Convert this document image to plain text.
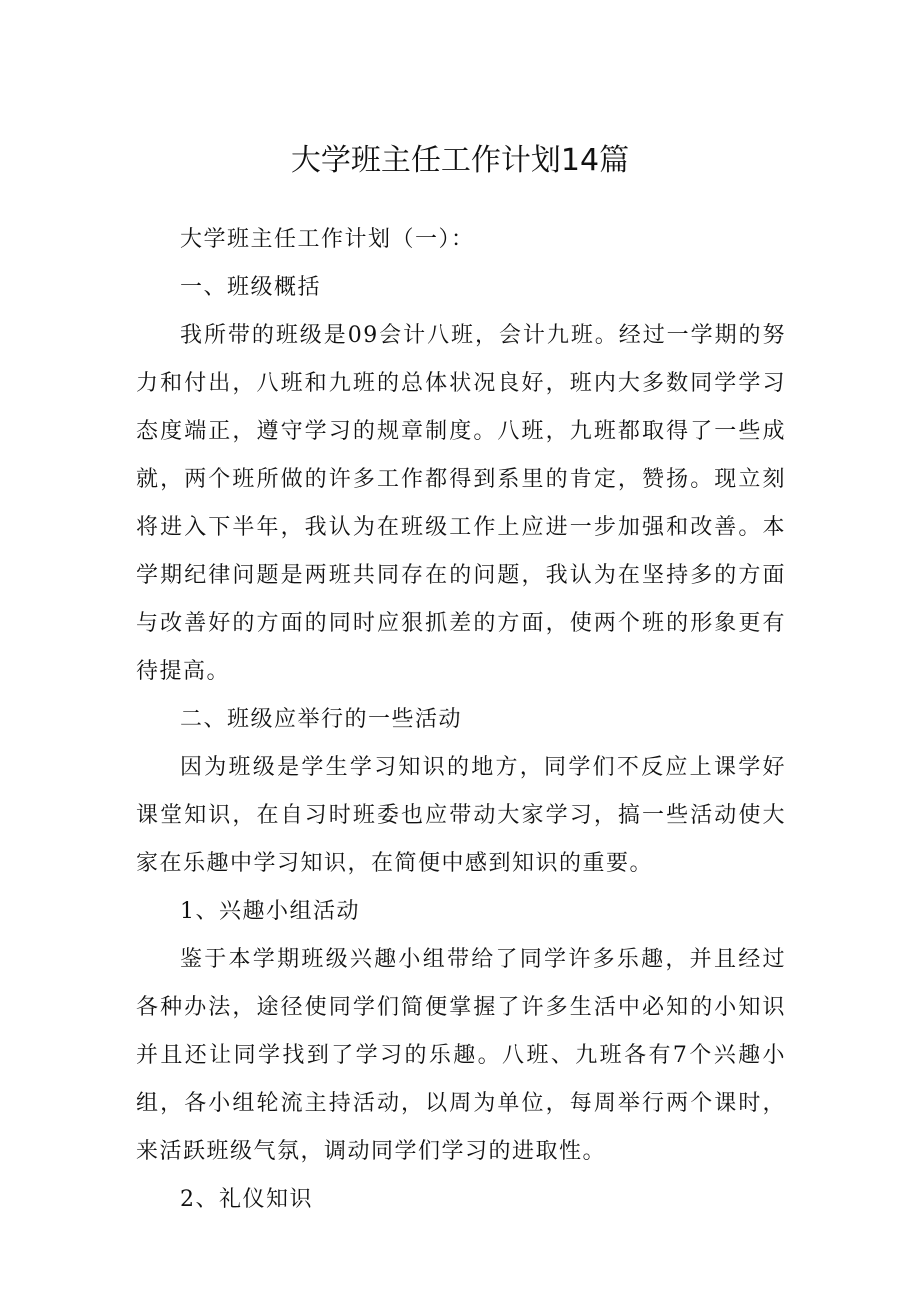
大学班主任工作计划14篇

大学班主任工作计划（一）：

一、班级概括

我所带的班级是09会计八班，会计九班。经过一学期的努力和付出，八班和九班的总体状况良好，班内大多数同学学习态度端正，遵守学习的规章制度。八班，九班都取得了一些成就，两个班所做的许多工作都得到系里的肯定，赞扬。现立刻将进入下半年，我认为在班级工作上应进一步加强和改善。本学期纪律问题是两班共同存在的问题，我认为在坚持多的方面与改善好的方面的同时应狠抓差的方面，使两个班的形象更有待提高。

二、班级应举行的一些活动

因为班级是学生学习知识的地方，同学们不反应上课学好课堂知识，在自习时班委也应带动大家学习，搞一些活动使大家在乐趣中学习知识，在简便中感到知识的重要。

1、兴趣小组活动

鉴于本学期班级兴趣小组带给了同学许多乐趣，并且经过各种办法，途径使同学们简便掌握了许多生活中必知的小知识并且还让同学找到了学习的乐趣。八班、九班各有7个兴趣小组，各小组轮流主持活动，以周为单位，每周举行两个课时，来活跃班级气氛，调动同学们学习的进取性。

2、礼仪知识
